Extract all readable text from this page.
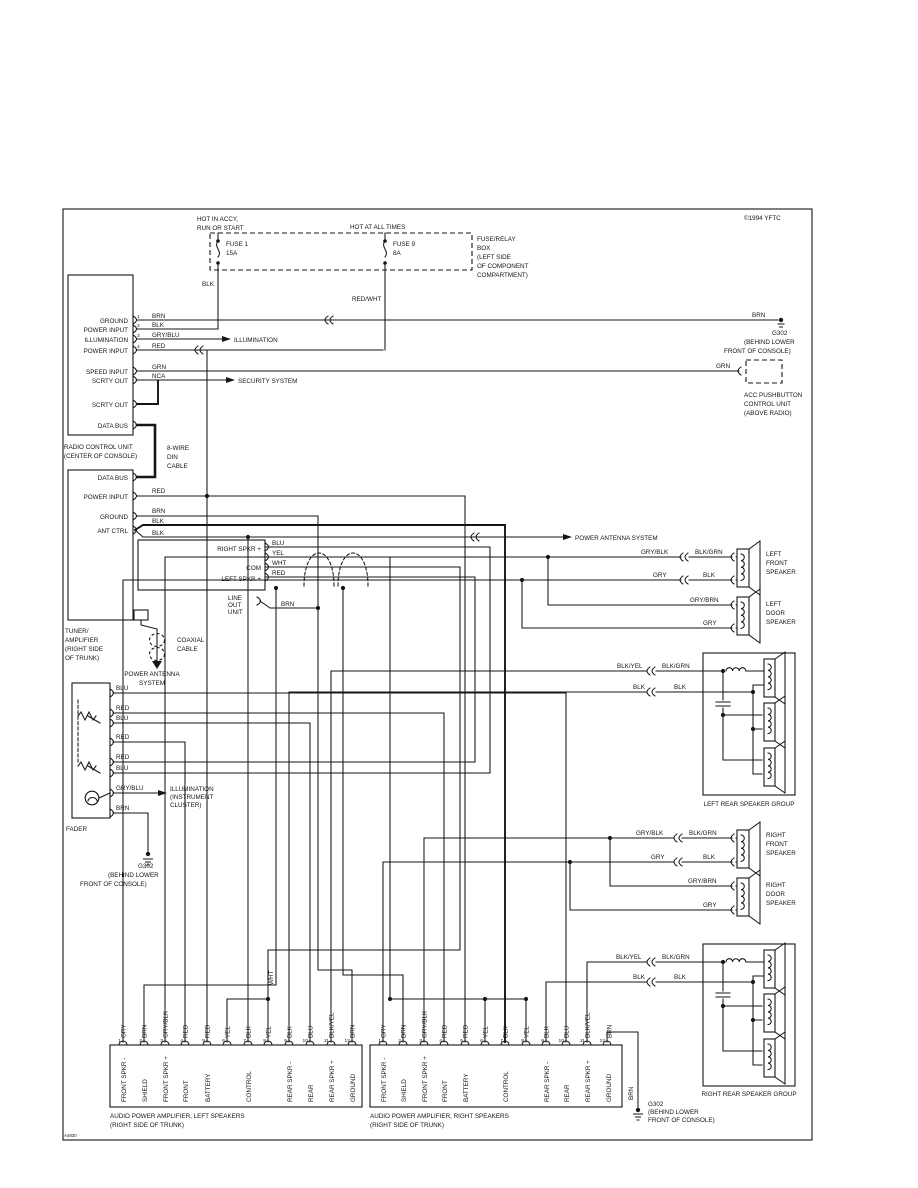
©1994 YFTC
A4830
HOT IN ACCY,
RUN OR START	HOT AT ALL TIMES
FUSE 1
15A
FUSE 9
8A
FUSE/RELAY
BOX
(LEFT SIDE
OF COMPONENT
COMPARTMENT)
BLK
RED/WHT
GROUND
POWER INPUT
ILLUMINATION
POWER INPUT
SPEED INPUT
SCRTY OUT
SCRTY OUT
DATA BUS
1
2
3
4
BRN
BLK
GRY/BLU
RED
GRN
NCA
ILLUMINATION
SECURITY SYSTEM
RADIO CONTROL UNIT
(CENTER OF CONSOLE)
8-WIRE
DIN
CABLE
DATA BUS
POWER INPUT
GROUND
ANT CTRL
RED
BRN
BLK
BLK
TUNER/
AMPLIFIER
(RIGHT SIDE
OF TRUNK)
COAXIAL
CABLE
POWER ANTENNA
SYSTEM
POWER ANTENNA SYSTEM
RIGHT SPKR +
COM
LEFT SPKR +
BLU
YEL
WHT
RED
LINE
OUT
UNIT
BRN
BLU
RED
BLU
RED
RED
BLU
GRY/BLU
BRN
ILLUMINATION
(INSTRUMENT
CLUSTER)
FADER
G302
(BEHIND LOWER
FRONT OF CONSOLE)
BRN
G302
(BEHIND LOWER
FRONT OF CONSOLE)
GRN
ACC PUSHBUTTON
CONTROL UNIT
(ABOVE RADIO)
LEFT
FRONT
SPEAKER
GRY/BLK	BLK/GRN
GRY	BLK
LEFT
DOOR
SPEAKER
GRY/BRN
GRY
RIGHT
FRONT
SPEAKER
GRY/BLK	BLK/GRN
GRY	BLK
RIGHT
DOOR
SPEAKER
GRY/BRN
GRY
BLK/YEL	BLK/GRN
BLK	BLK
LEFT REAR SPEAKER GROUP
BLK/YEL	BLK/GRN
BLK	BLK
RIGHT REAR SPEAKER GROUP
1	2	3	4	5	6	7	8	9	10	11	12
GRY BRN GRY/BLK RED RED YEL BLK YEL
WHT
BLK BLU BLK/YEL BRN
FRONT SPKR - SHIELD FRONT SPKR + FRONT BATTERY	CONTROL	REAR SPKR - REAR REAR SPKR + GROUND
AUDIO POWER AMPLIFIER, LEFT SPEAKERS
(RIGHT SIDE OF TRUNK)
1	2	3	4	5	6	7	8	9	10	11	12
GRY BRN GRY/BLK RED RED YEL BLK YEL BLK BLU BLK/YEL BRN
FRONT SPKR - SHIELD FRONT SPKR + FRONT BATTERY	CONTROL	REAR SPKR - REAR REAR SPKR + GROUND
AUDIO POWER AMPLIFIER, RIGHT SPEAKERS
(RIGHT SIDE OF TRUNK)
BRN
G302
(BEHIND LOWER
FRONT OF CONSOLE)
